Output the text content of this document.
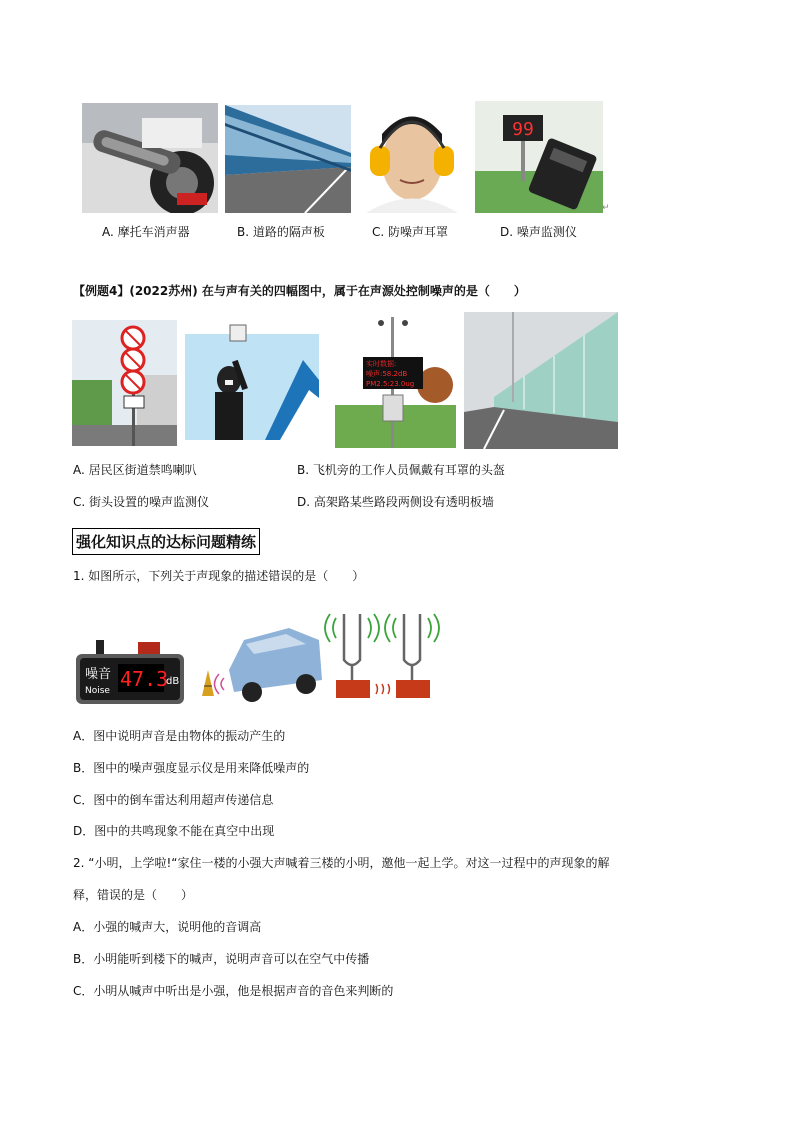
99
A. 摩托车消声器	B. 道路的隔声板	C. 防噪声耳罩	D. 噪声监测仪
↵
【例题4】(2022苏州) 在与声有关的四幅图中，属于在声源处控制噪声的是（　　）
实时数据:
噪声:58.2dB
PM2.5:23.0ug
A. 居民区街道禁鸣喇叭	B. 飞机旁的工作人员佩戴有耳罩的头盔
C. 街头设置的噪声监测仪	D. 高架路某些路段两侧设有透明板墙
强化知识点的达标问题精练
1. 如图所示，下列关于声现象的描述错误的是（　　）
噪音
Noise 47.3
dB
A．图中说明声音是由物体的振动产生的
B．图中的噪声强度显示仪是用来降低噪声的
C．图中的倒车雷达利用超声传递信息
D．图中的共鸣现象不能在真空中出现
2. “小明，上学啦!“家住一楼的小强大声喊着三楼的小明，邀他一起上学。对这一过程中的声现象的解
释，错误的是（　　）
A．小强的喊声大，说明他的音调高
B．小明能听到楼下的喊声，说明声音可以在空气中传播
C．小明从喊声中听出是小强，他是根据声音的音色来判断的
